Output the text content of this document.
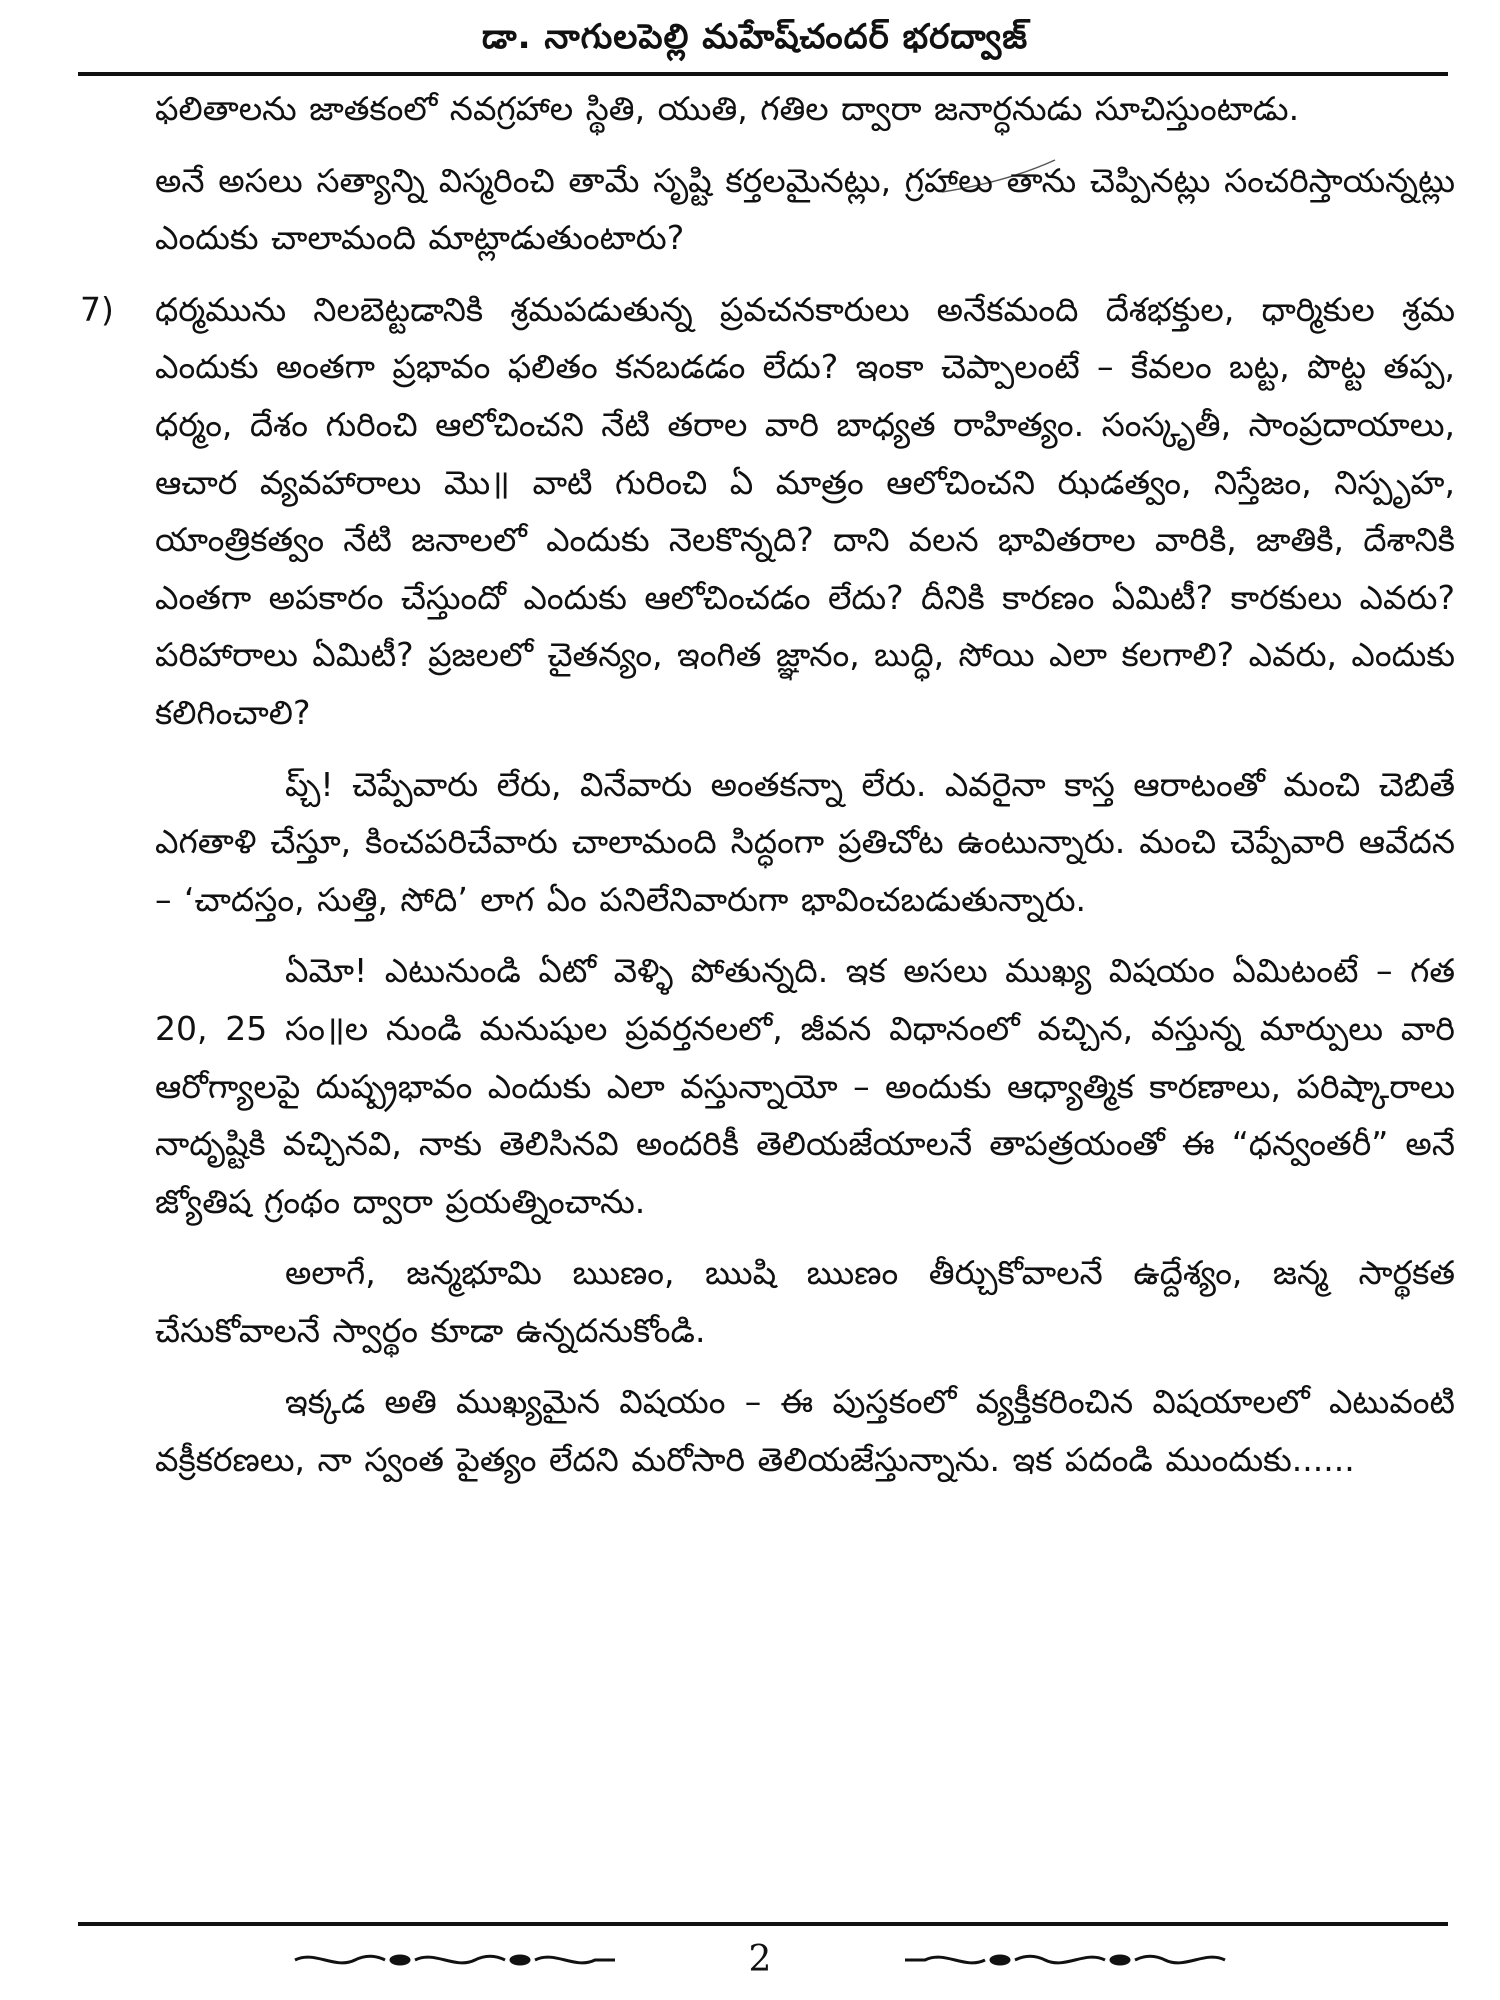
డా. నాగులపెల్లి మహేష్‌చందర్ భరద్వాజ్

ఫలితాలను జాతకంలో నవగ్రహాల స్థితి, యుతి, గతిల ద్వారా జనార్ధనుడు సూచిస్తుంటాడు.

అనే అసలు సత్యాన్ని విస్మరించి తామే సృష్టి కర్తలమైనట్లు, గ్రహాలు తాను చెప్పినట్లు సంచరిస్తాయన్నట్లు ఎందుకు చాలామంది మాట్లాడుతుంటారు?

7)	ధర్మమును నిలబెట్టడానికి శ్రమపడుతున్న ప్రవచనకారులు అనేకమంది దేశభక్తుల, ధార్మికుల శ్రమ ఎందుకు అంతగా ప్రభావం ఫలితం కనబడడం లేదు? ఇంకా చెప్పాలంటే – కేవలం బట్ట, పొట్ట తప్ప, ధర్మం, దేశం గురించి ఆలోచించని నేటి తరాల వారి బాధ్యత రాహిత్యం. సంస్కృతీ, సాంప్రదాయాలు, ఆచార వ్యవహారాలు మొ॥ వాటి గురించి ఏ మాత్రం ఆలోచించని ఝడత్వం, నిస్తేజం, నిస్పృహ, యాంత్రికత్వం నేటి జనాలలో ఎందుకు నెలకొన్నది? దాని వలన భావితరాల వారికి, జాతికి, దేశానికి ఎంతగా అపకారం చేస్తుందో ఎందుకు ఆలోచించడం లేదు? దీనికి కారణం ఏమిటీ? కారకులు ఎవరు? పరిహారాలు ఏమిటీ? ప్రజలలో చైతన్యం, ఇంగిత జ్ఞానం, బుద్ధి, సోయి ఎలా కలగాలి? ఎవరు, ఎందుకు కలిగించాలి?

ప్చ్! చెప్పేవారు లేరు, వినేవారు అంతకన్నా లేరు. ఎవరైనా కాస్త ఆరాటంతో మంచి చెబితే ఎగతాళి చేస్తూ, కించపరిచేవారు చాలామంది సిద్ధంగా ప్రతిచోట ఉంటున్నారు. మంచి చెప్పేవారి ఆవేదన – ‘చాదస్తం, సుత్తి, సోది’ లాగ ఏం పనిలేనివారుగా భావించబడుతున్నారు.

ఏమో! ఎటునుండి ఏటో వెళ్ళి పోతున్నది. ఇక అసలు ముఖ్య విషయం ఏమిటంటే – గత 20, 25 సం॥ల నుండి మనుషుల ప్రవర్తనలలో, జీవన విధానంలో వచ్చిన, వస్తున్న మార్పులు వారి ఆరోగ్యాలపై దుష్ప్రభావం ఎందుకు ఎలా వస్తున్నాయో – అందుకు ఆధ్యాత్మిక కారణాలు, పరిష్కారాలు నాదృష్టికి వచ్చినవి, నాకు తెలిసినవి అందరికీ తెలియజేయాలనే తాపత్రయంతో ఈ “ధన్వంతరీ” అనే జ్యోతిష గ్రంథం ద్వారా ప్రయత్నించాను.

అలాగే, జన్మభూమి ఋణం, ఋషి ఋణం తీర్చుకోవాలనే ఉద్దేశ్యం, జన్మ సార్థకత చేసుకోవాలనే స్వార్థం కూడా ఉన్నదనుకోండి.

ఇక్కడ అతి ముఖ్యమైన విషయం – ఈ పుస్తకంలో వ్యక్తీకరించిన విషయాలలో ఎటువంటి వక్రీకరణలు, నా స్వంత పైత్యం లేదని మరోసారి తెలియజేస్తున్నాను. ఇక పదండి ముందుకు......

2
